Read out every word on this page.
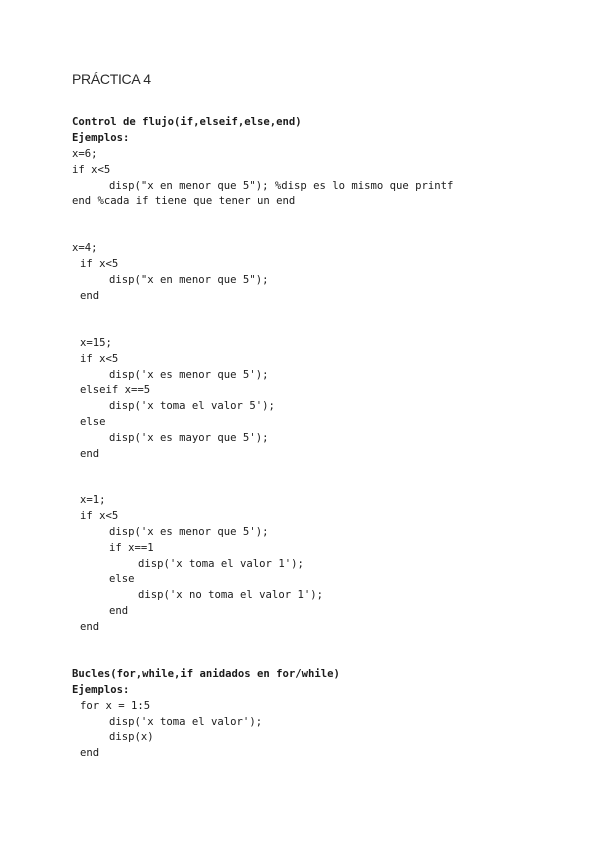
PRÁCTICA 4
Control de flujo(if,elseif,else,end)
Ejemplos:
x=6;
if x<5
disp("x en menor que 5"); %disp es lo mismo que printf
end %cada if tiene que tener un end
x=4;
if x<5
disp("x en menor que 5");
end
x=15;
if x<5
disp('x es menor que 5');
elseif x==5
disp('x toma el valor 5');
else
disp('x es mayor que 5');
end
x=1;
if x<5
disp('x es menor que 5');
if x==1
disp('x toma el valor 1');
else
disp('x no toma el valor 1');
end
end
Bucles(for,while,if anidados en for/while)
Ejemplos:
for x = 1:5
disp('x toma el valor');
disp(x)
end
